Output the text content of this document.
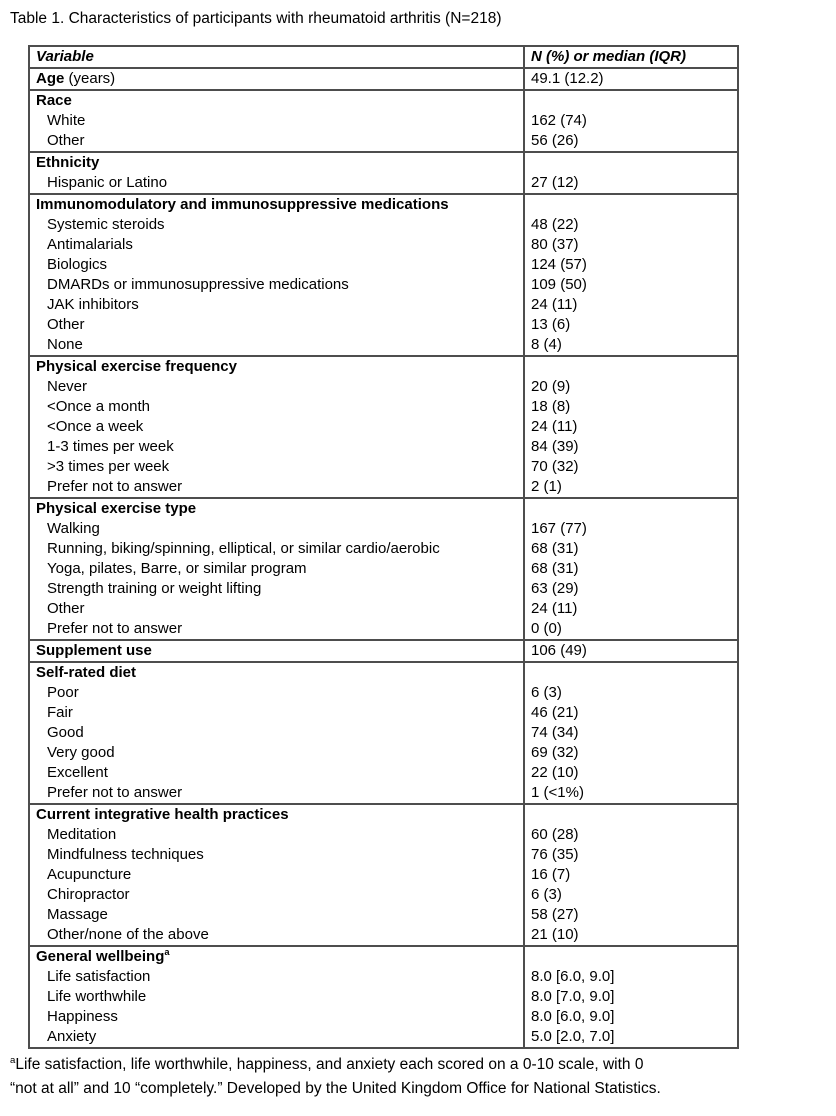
Table 1. Characteristics of participants with rheumatoid arthritis (N=218)

Variable	N (%) or median (IQR)
Age (years)	49.1 (12.2)
Race	
White	162 (74)
Other	56 (26)
Ethnicity	
Hispanic or Latino	27 (12)
Immunomodulatory and immunosuppressive medications	
Systemic steroids	48 (22)
Antimalarials	80 (37)
Biologics	124 (57)
DMARDs or immunosuppressive medications	109 (50)
JAK inhibitors	24 (11)
Other	13 (6)
None	8 (4)
Physical exercise frequency	
Never	20 (9)
<Once a month	18 (8)
<Once a week	24 (11)
1-3 times per week	84 (39)
>3 times per week	70 (32)
Prefer not to answer	2 (1)
Physical exercise type	
Walking	167 (77)
Running, biking/spinning, elliptical, or similar cardio/aerobic	68 (31)
Yoga, pilates, Barre, or similar program	68 (31)
Strength training or weight lifting	63 (29)
Other	24 (11)
Prefer not to answer	0 (0)
Supplement use	106 (49)
Self-rated diet	
Poor	6 (3)
Fair	46 (21)
Good	74 (34)
Very good	69 (32)
Excellent	22 (10)
Prefer not to answer	1 (<1%)
Current integrative health practices	
Meditation	60 (28)
Mindfulness techniques	76 (35)
Acupuncture	16 (7)
Chiropractor	6 (3)
Massage	58 (27)
Other/none of the above	21 (10)
General wellbeing$^a$	
Life satisfaction	8.0 [6.0, 9.0]
Life worthwhile	8.0 [7.0, 9.0]
Happiness	8.0 [6.0, 9.0]
Anxiety	5.0 [2.0, 7.0]
$^a$Life satisfaction, life worthwhile, happiness, and anxiety each scored on a 0-10 scale, with 0
“not at all” and 10 “completely.” Developed by the United Kingdom Office for National Statistics.
